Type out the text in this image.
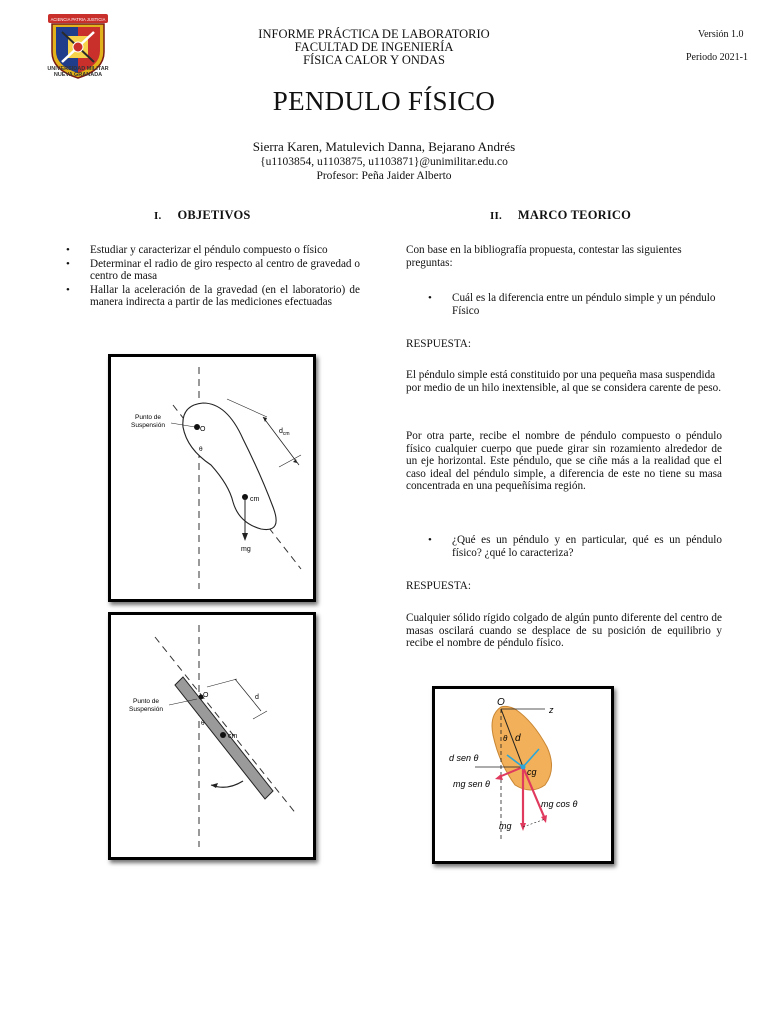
ACIENCIA PATRIA JUSTICIA
UNIVERSIDAD MILITAR
NUEVA GRANADA
INFORME PRÁCTICA DE LABORATORIO
FACULTAD DE INGENIERÍA
FÍSICA CALOR Y ONDAS
Versión 1.0
Periodo 2021-1
PENDULO FÍSICO
Sierra Karen, Matulevich Danna, Bejarano Andrés
{u1103854, u1103875, u1103871}@unimilitar.edu.co
Profesor: Peña Jaider Alberto
I. OBJETIVOS
• Estudiar y caracterizar el péndulo compuesto o físico
• Determinar el radio de giro respecto al centro de gravedad o centro de masa
• Hallar la aceleración de la gravedad (en el laboratorio) de manera indirecta a partir de las mediciones efectuadas
Punto de
Suspensión
O
θ
$d_{cm}$
cm
mg
Punto de
Suspensión
O
θ
d
cm
II. MARCO TEORICO
Con base en la bibliografía propuesta, contestar las siguientes preguntas:
• Cuál es la diferencia entre un péndulo simple y un péndulo Físico
RESPUESTA:
El péndulo simple está constituido por una pequeña masa suspendida por medio de un hilo inextensible, al que se considera carente de peso.
Por otra parte, recibe el nombre de péndulo compuesto o péndulo físico cualquier cuerpo que puede girar sin rozamiento alrededor de un eje horizontal. Este péndulo, que se ciñe más a la realidad que el caso ideal del péndulo simple, a diferencia de este no tiene su masa concentrada en una pequeñísima región.
• ¿Qué es un péndulo y en particular, qué es un péndulo físico? ¿qué lo caracteriza?
RESPUESTA:
Cualquier sólido rígido colgado de algún punto diferente del centro de masas oscilará cuando se desplace de su posición de equilibrio y recibe el nombre de péndulo físico.
O
z
d
θ
d sen θ
cg
mg sen θ
mg cos θ
mg
